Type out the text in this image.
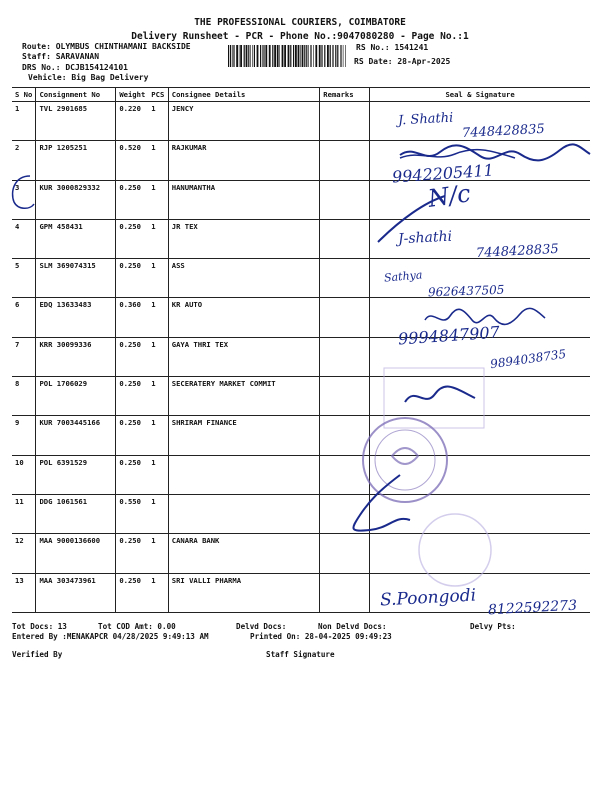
THE PROFESSIONAL COURIERS, COIMBATORE
Delivery Runsheet - PCR - Phone No.:9047080280 - Page No.:1
Route: OLYMBUS CHINTHAMANI BACKSIDE
Staff: SARAVANAN
DRS No.: DCJB154124101
Vehicle: Big Bag Delivery
RS No.: 1541241
RS Date: 28-Apr-2025
S No	Consignment No	Weight	PCS	Consignee Details	Remarks	Seal & Signature
1	TVL 2901685	0.220	1	JENCY		
2	RJP 1205251	0.520	1	RAJKUMAR		
3	KUR 3000829332	0.250	1	HANUMANTHA		
4	GPM 458431	0.250	1	JR TEX		
5	SLM 369074315	0.250	1	ASS		
6	EDQ 13633483	0.360	1	KR AUTO		
7	KRR 30099336	0.250	1	GAYA THRI TEX		
8	POL 1706029	0.250	1	SECERATERY MARKET COMMIT		
9	KUR 7003445166	0.250	1	SHRIRAM FINANCE		
10	POL 6391529	0.250	1			
11	DDG 1061561	0.550	1			
12	MAA 9000136600	0.250	1	CANARA BANK		
13	MAA 303473961	0.250	1	SRI VALLI PHARMA		
J. Shathi
7448428835
9942205411
N/c
J-shathi
7448428835
Sathya
9626437505
9994847907
9894038735
S.Poongodi 8122592273
Tot Docs: 13	Tot COD Amt: 0.00	Delvd Docs:	Non Delvd Docs:	Delvy Pts:
Entered By :MENAKAPCR 04/28/2025 9:49:13 AM	Printed On: 28-04-2025 09:49:23
Verified By	Staff Signature
